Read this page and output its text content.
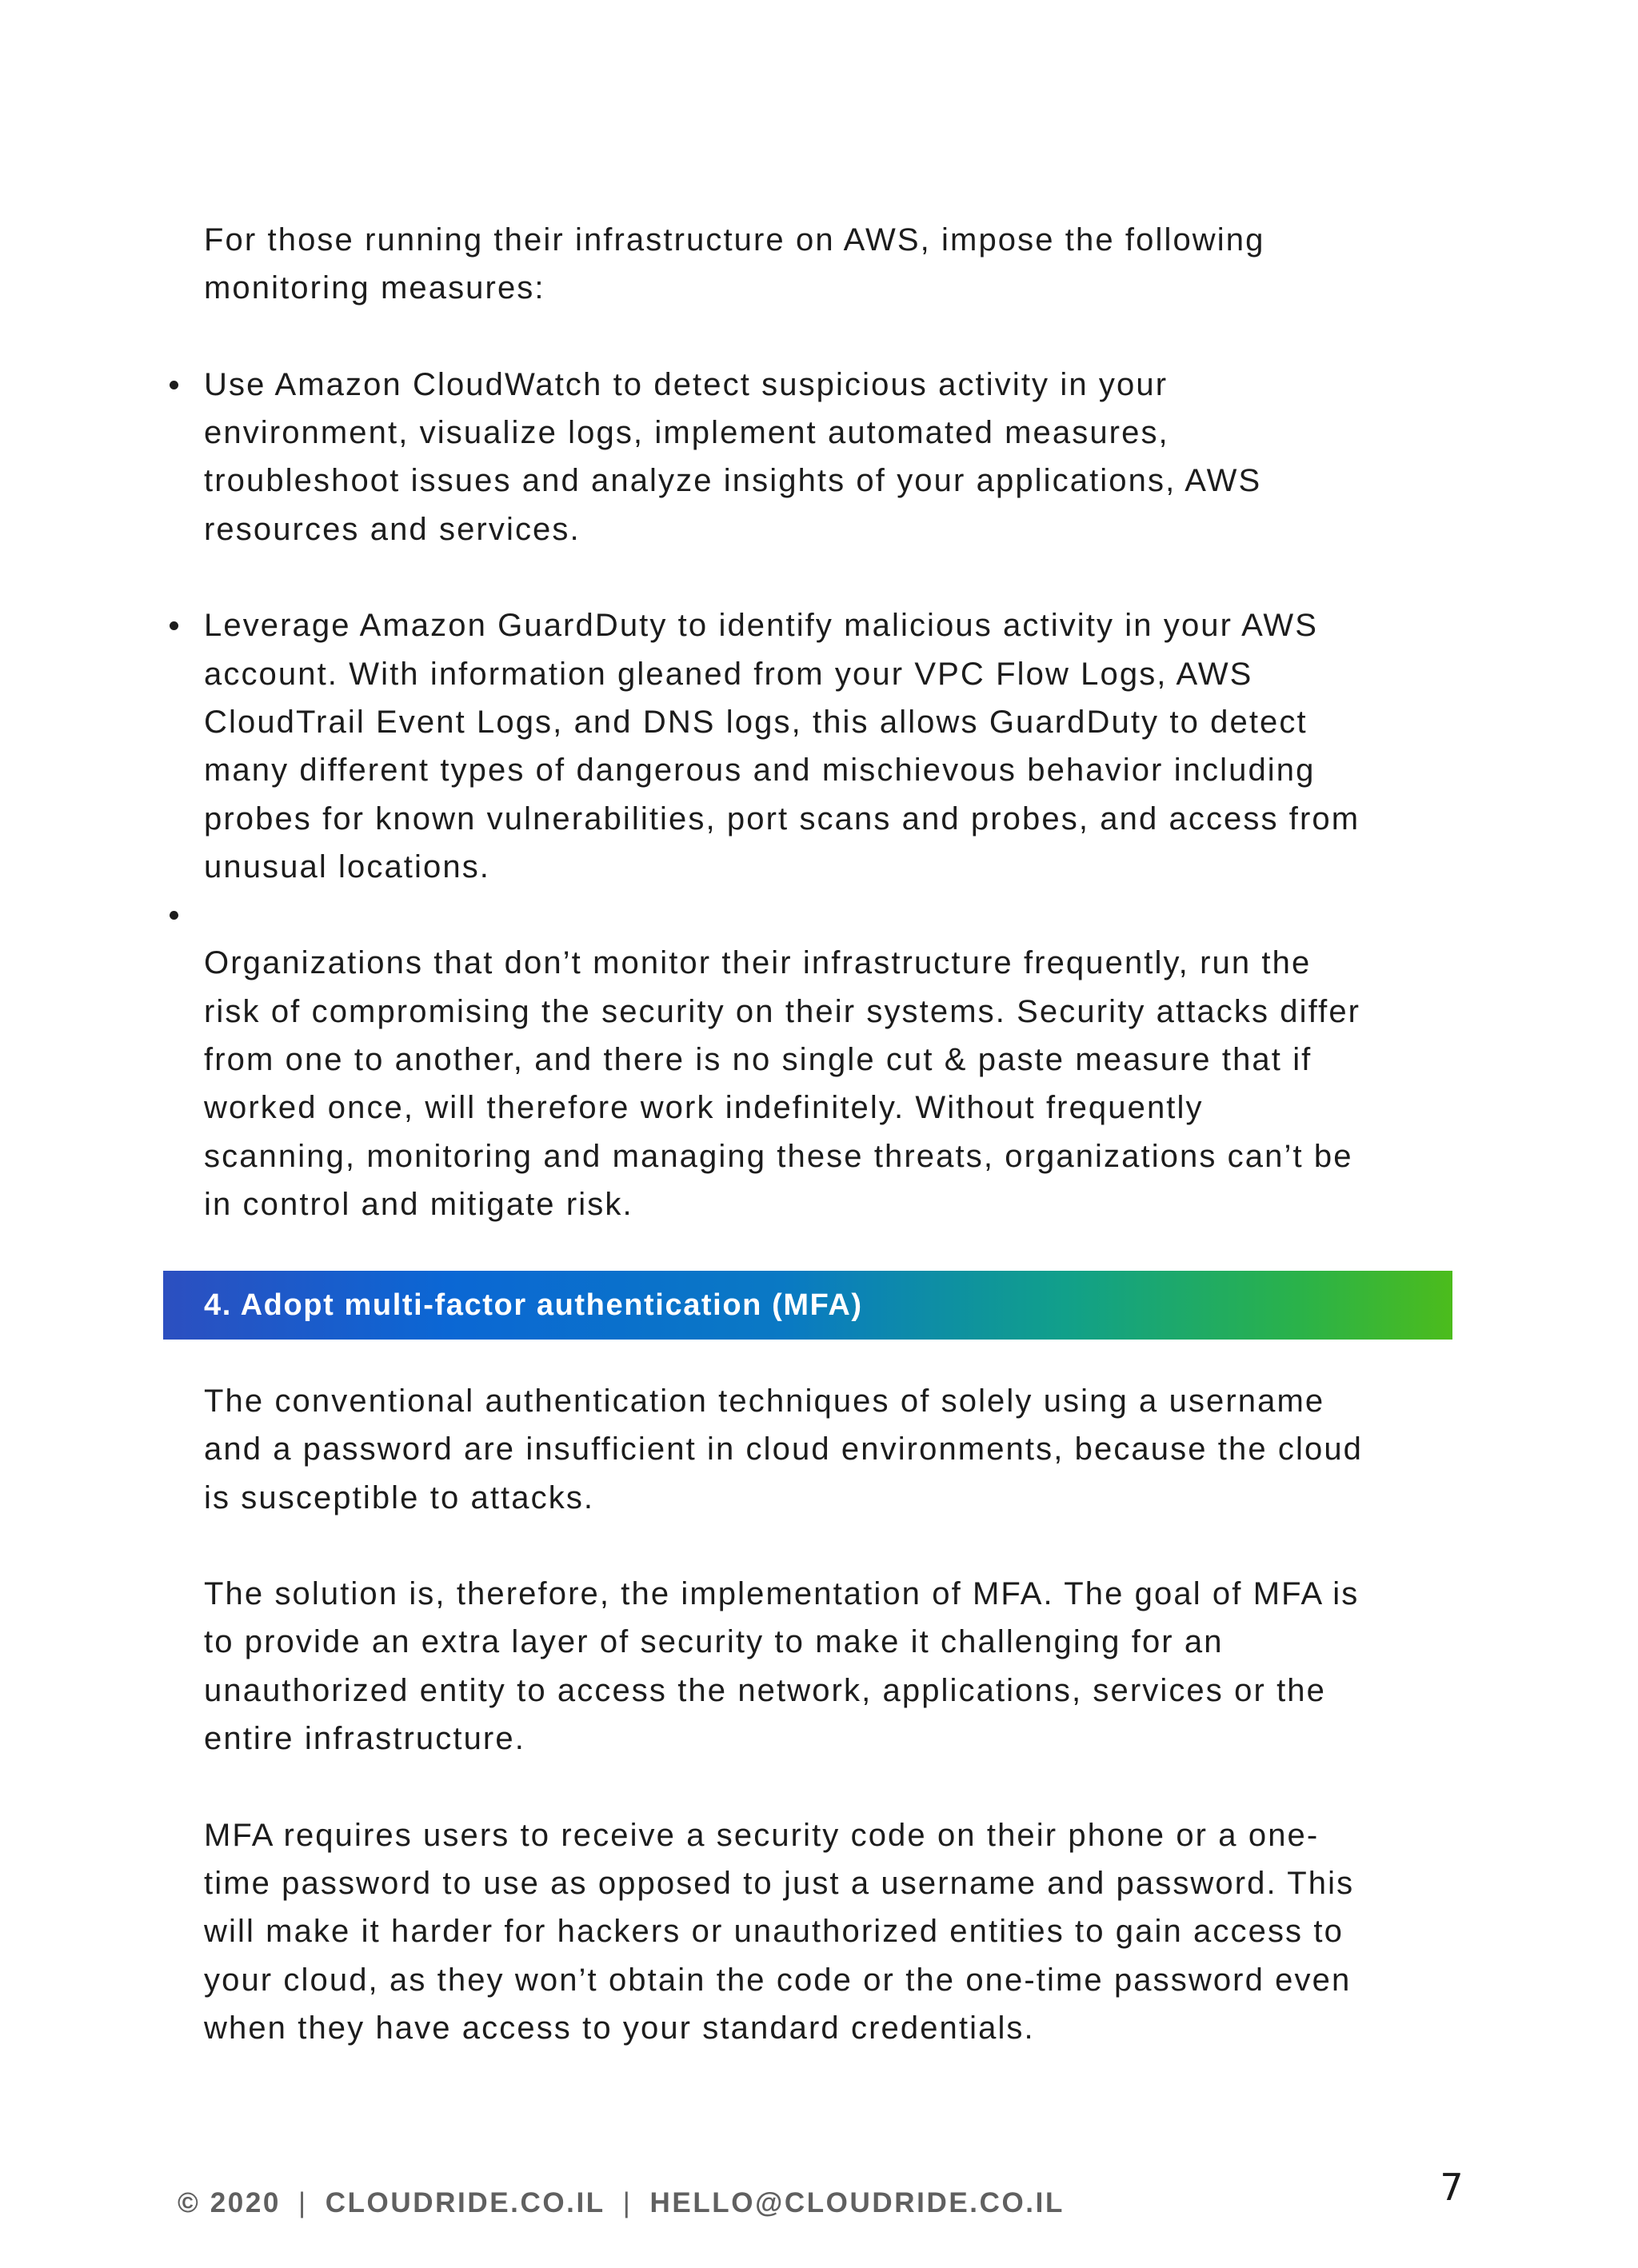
For those running their infrastructure on AWS, impose the following
monitoring measures:

Use Amazon CloudWatch to detect suspicious activity in your
environment, visualize logs, implement automated measures,
troubleshoot issues and analyze insights of your applications, AWS
resources and services.
Leverage Amazon GuardDuty to identify malicious activity in your AWS
account. With information gleaned from your VPC Flow Logs, AWS
CloudTrail Event Logs, and DNS logs, this allows GuardDuty to detect
many different types of dangerous and mischievous behavior including
probes for known vulnerabilities, port scans and probes, and access from
unusual locations.

Organizations that don’t monitor their infrastructure frequently, run the
risk of compromising the security on their systems. Security attacks differ
from one to another, and there is no single cut & paste measure that if
worked once, will therefore work indefinitely. Without frequently
scanning, monitoring and managing these threats, organizations can’t be
in control and mitigate risk.

4. Adopt multi-factor authentication (MFA)

The conventional authentication techniques of solely using a username
and a password are insufficient in cloud environments, because the cloud
is susceptible to attacks.

The solution is, therefore, the implementation of MFA. The goal of MFA is
to provide an extra layer of security to make it challenging for an
unauthorized entity to access the network, applications, services or the
entire infrastructure.

MFA requires users to receive a security code on their phone or a one-
time password to use as opposed to just a username and password. This
will make it harder for hackers or unauthorized entities to gain access to
your cloud, as they won’t obtain the code or the one-time password even
when they have access to your standard credentials.

© 2020 | CLOUDRIDE.CO.IL | HELLO@CLOUDRIDE.CO.IL	7
